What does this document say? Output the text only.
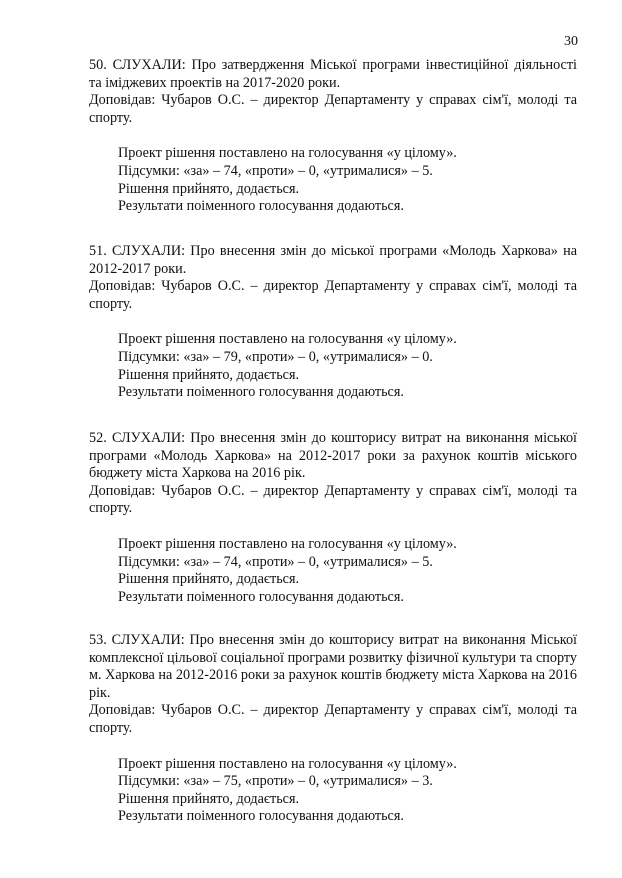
30

50. СЛУХАЛИ: Про затвердження Міської програми інвестиційної діяльності та іміджевих проектів на 2017-2020 роки.

Доповідав: Чубаров О.С. – директор Департаменту у справах сім'ї, молоді та спорту.

Проект рішення поставлено на голосування «у цілому».

Підсумки: «за» – 74, «проти» – 0, «утрималися» – 5.

Рішення прийнято, додається.

Результати поіменного голосування додаються.

51. СЛУХАЛИ: Про внесення змін до міської програми «Молодь Харкова» на 2012-2017 роки.

Доповідав: Чубаров О.С. – директор Департаменту у справах сім'ї, молоді та спорту.

Проект рішення поставлено на голосування «у цілому».

Підсумки: «за» – 79, «проти» – 0, «утрималися» – 0.

Рішення прийнято, додається.

Результати поіменного голосування додаються.

52. СЛУХАЛИ: Про внесення змін до кошторису витрат на виконання міської програми «Молодь Харкова» на 2012-2017 роки за рахунок коштів міського бюджету міста Харкова на 2016 рік.

Доповідав: Чубаров О.С. – директор Департаменту у справах сім'ї, молоді та спорту.

Проект рішення поставлено на голосування «у цілому».

Підсумки: «за» – 74, «проти» – 0, «утрималися» – 5.

Рішення прийнято, додається.

Результати поіменного голосування додаються.

53. СЛУХАЛИ: Про внесення змін до кошторису витрат на виконання Міської комплексної цільової соціальної програми розвитку фізичної культури та спорту м. Харкова на 2012-2016 роки за рахунок коштів бюджету міста Харкова на 2016 рік.

Доповідав: Чубаров О.С. – директор Департаменту у справах сім'ї, молоді та спорту.

Проект рішення поставлено на голосування «у цілому».

Підсумки: «за» – 75, «проти» – 0, «утрималися» – 3.

Рішення прийнято, додається.

Результати поіменного голосування додаються.
